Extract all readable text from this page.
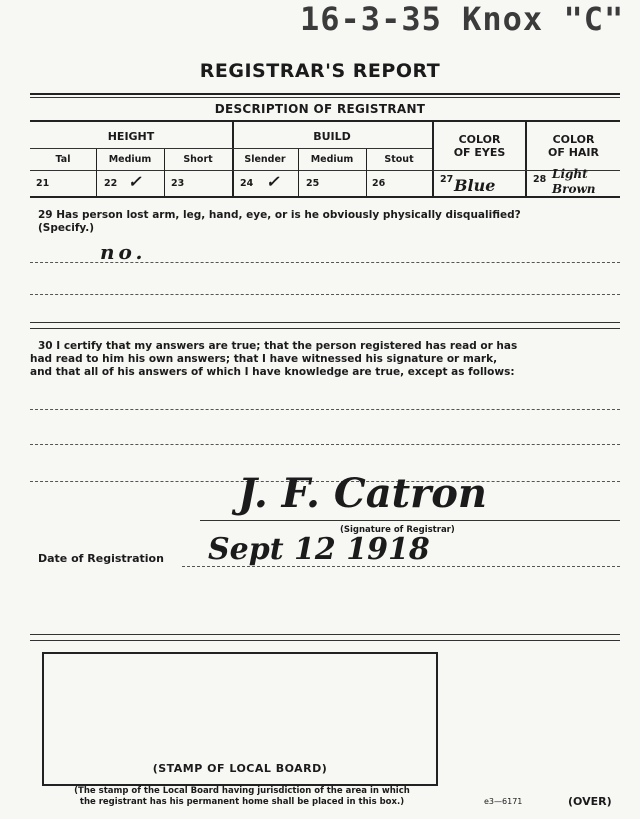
16-3-35 Knox "C"
REGISTRAR'S REPORT
DESCRIPTION OF REGISTRANT
HEIGHT
Tal	Medium	Short
21	22 ✓	23
BUILD
Slender	Medium	Stout
24 ✓	25	26
COLOR
OF EYES
27 Blue
COLOR
OF HAIR
28 Light
Brown
29 Has person lost arm, leg, hand, eye, or is he obviously physically disqualified?
(Specify.)
no.
30 I certify that my answers are true; that the person registered has read or has
had read to him his own answers; that I have witnessed his signature or mark,
and that all of his answers of which I have knowledge are true, except as follows:
J. F. Catron
(Signature of Registrar)
Date of Registration Sept 12 1918
(STAMP OF LOCAL BOARD)
(The stamp of the Local Board having jurisdiction of the area in which
the registrant has his permanent home shall be placed in this box.)	e3—6171	(OVER)
